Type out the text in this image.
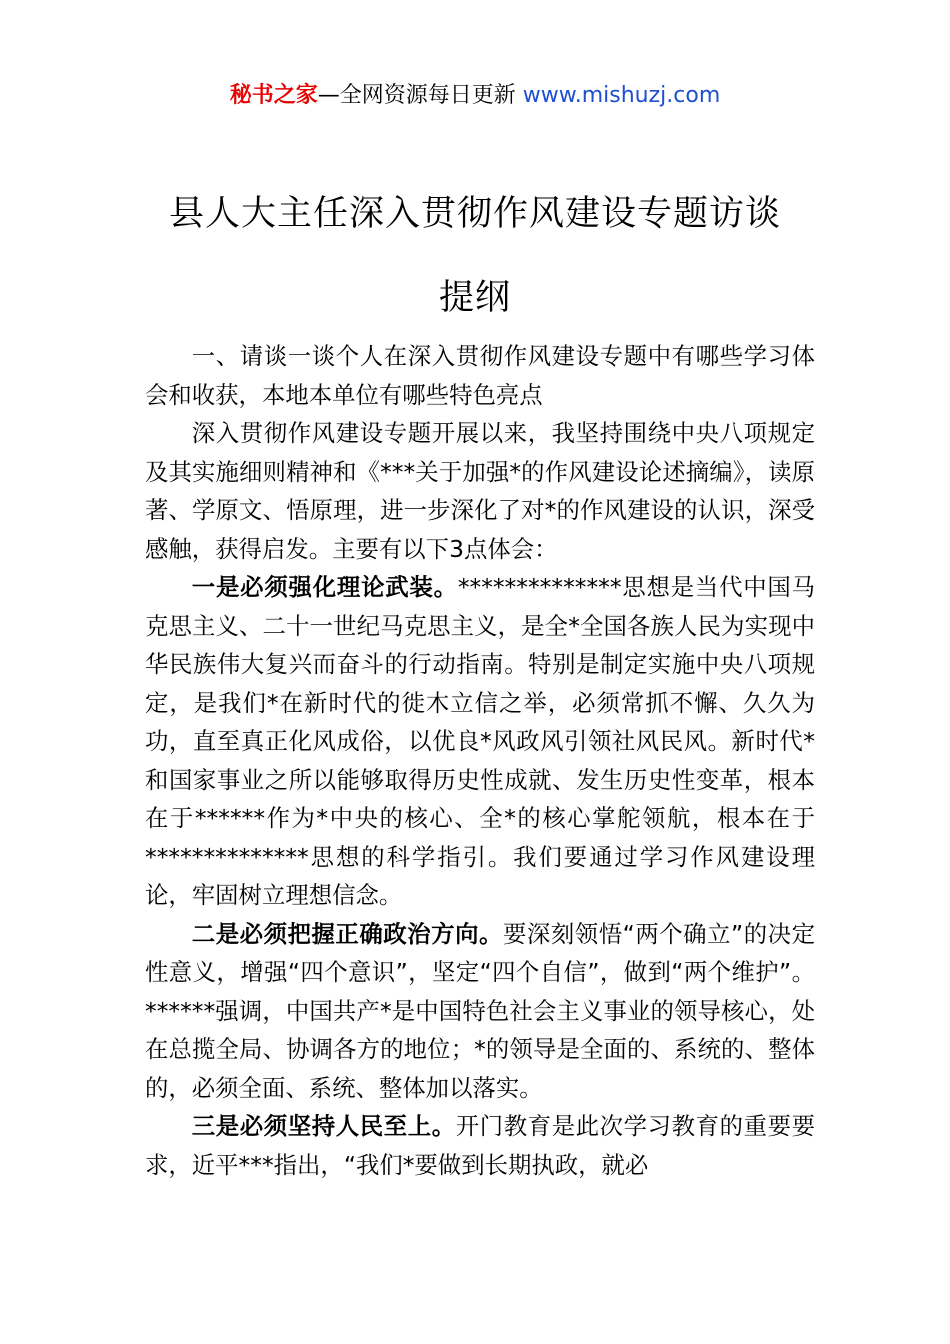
秘书之家—全网资源每日更新 www.mishuzj.com
县人大主任深入贯彻作风建设专题访谈
提纲

一、请谈一谈个人在深入贯彻作风建设专题中有哪些学习体会和收获，本地本单位有哪些特色亮点

深入贯彻作风建设专题开展以来，我坚持围绕中央八项规定及其实施细则精神和《***关于加强*的作风建设论述摘编》，读原著、学原文、悟原理，进一步深化了对*的作风建设的认识，深受感触，获得启发。主要有以下3点体会：

一是必须强化理论武装。**************思想是当代中国马克思主义、二十一世纪马克思主义，是全*全国各族人民为实现中华民族伟大复兴而奋斗的行动指南。特别是制定实施中央八项规定，是我们*在新时代的徙木立信之举，必须常抓不懈、久久为功，直至真正化风成俗，以优良*风政风引领社风民风。新时代*和国家事业之所以能够取得历史性成就、发生历史性变革，根本在于******作为*中央的核心、全*的核心掌舵领航，根本在于**************思想的科学指引。我们要通过学习作风建设理论，牢固树立理想信念。

二是必须把握正确政治方向。要深刻领悟“两个确立”的决定性意义，增强“四个意识”，坚定“四个自信”，做到“两个维护”。******强调，中国共产*是中国特色社会主义事业的领导核心，处在总揽全局、协调各方的地位；*的领导是全面的、系统的、整体的，必须全面、系统、整体加以落实。

三是必须坚持人民至上。开门教育是此次学习教育的重要要求，近平***指出，“我们*要做到长期执政，就必
